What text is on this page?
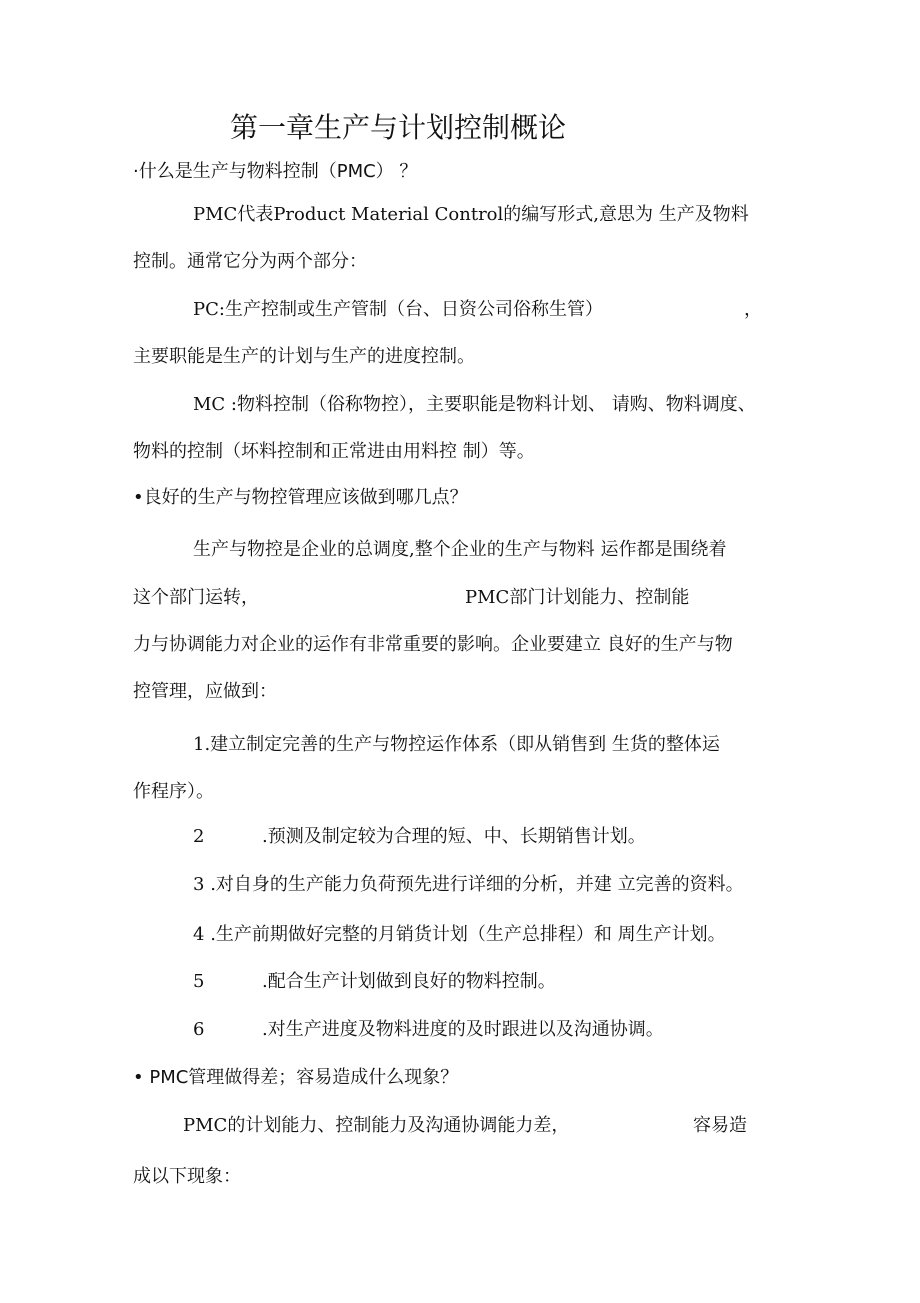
第一章生产与计划控制概论
·什么是生产与物料控制（PMC） ？
PMC代表Product Material Control的编写形式,意思为 生产及物料
控制。通常它分为两个部分：
PC:生产控制或生产管制（台、日资公司俗称生管）	，
主要职能是生产的计划与生产的进度控制。
MC :物料控制（俗称物控），主要职能是物料计划、 请购、物料调度、
物料的控制（坏料控制和正常进由用料控 制）等。
•良好的生产与物控管理应该做到哪几点？
生产与物控是企业的总调度,整个企业的生产与物料 运作都是围绕着
这个部门运转，	PMC部门计划能力、控制能
力与协调能力对企业的运作有非常重要的影响。企业要建立 良好的生产与物
控管理，应做到：
1.建立制定完善的生产与物控运作体系（即从销售到 生货的整体运
作程序）。
2	.预测及制定较为合理的短、中、长期销售计划。
3 .对自身的生产能力负荷预先进行详细的分析，并建 立完善的资料。
4 .生产前期做好完整的月销货计划（生产总排程）和 周生产计划。
5	.配合生产计划做到良好的物料控制。
6	.对生产进度及物料进度的及时跟进以及沟通协调。
• PMC管理做得差；容易造成什么现象？
PMC的计划能力、控制能力及沟通协调能力差，	容易造
成以下现象：
